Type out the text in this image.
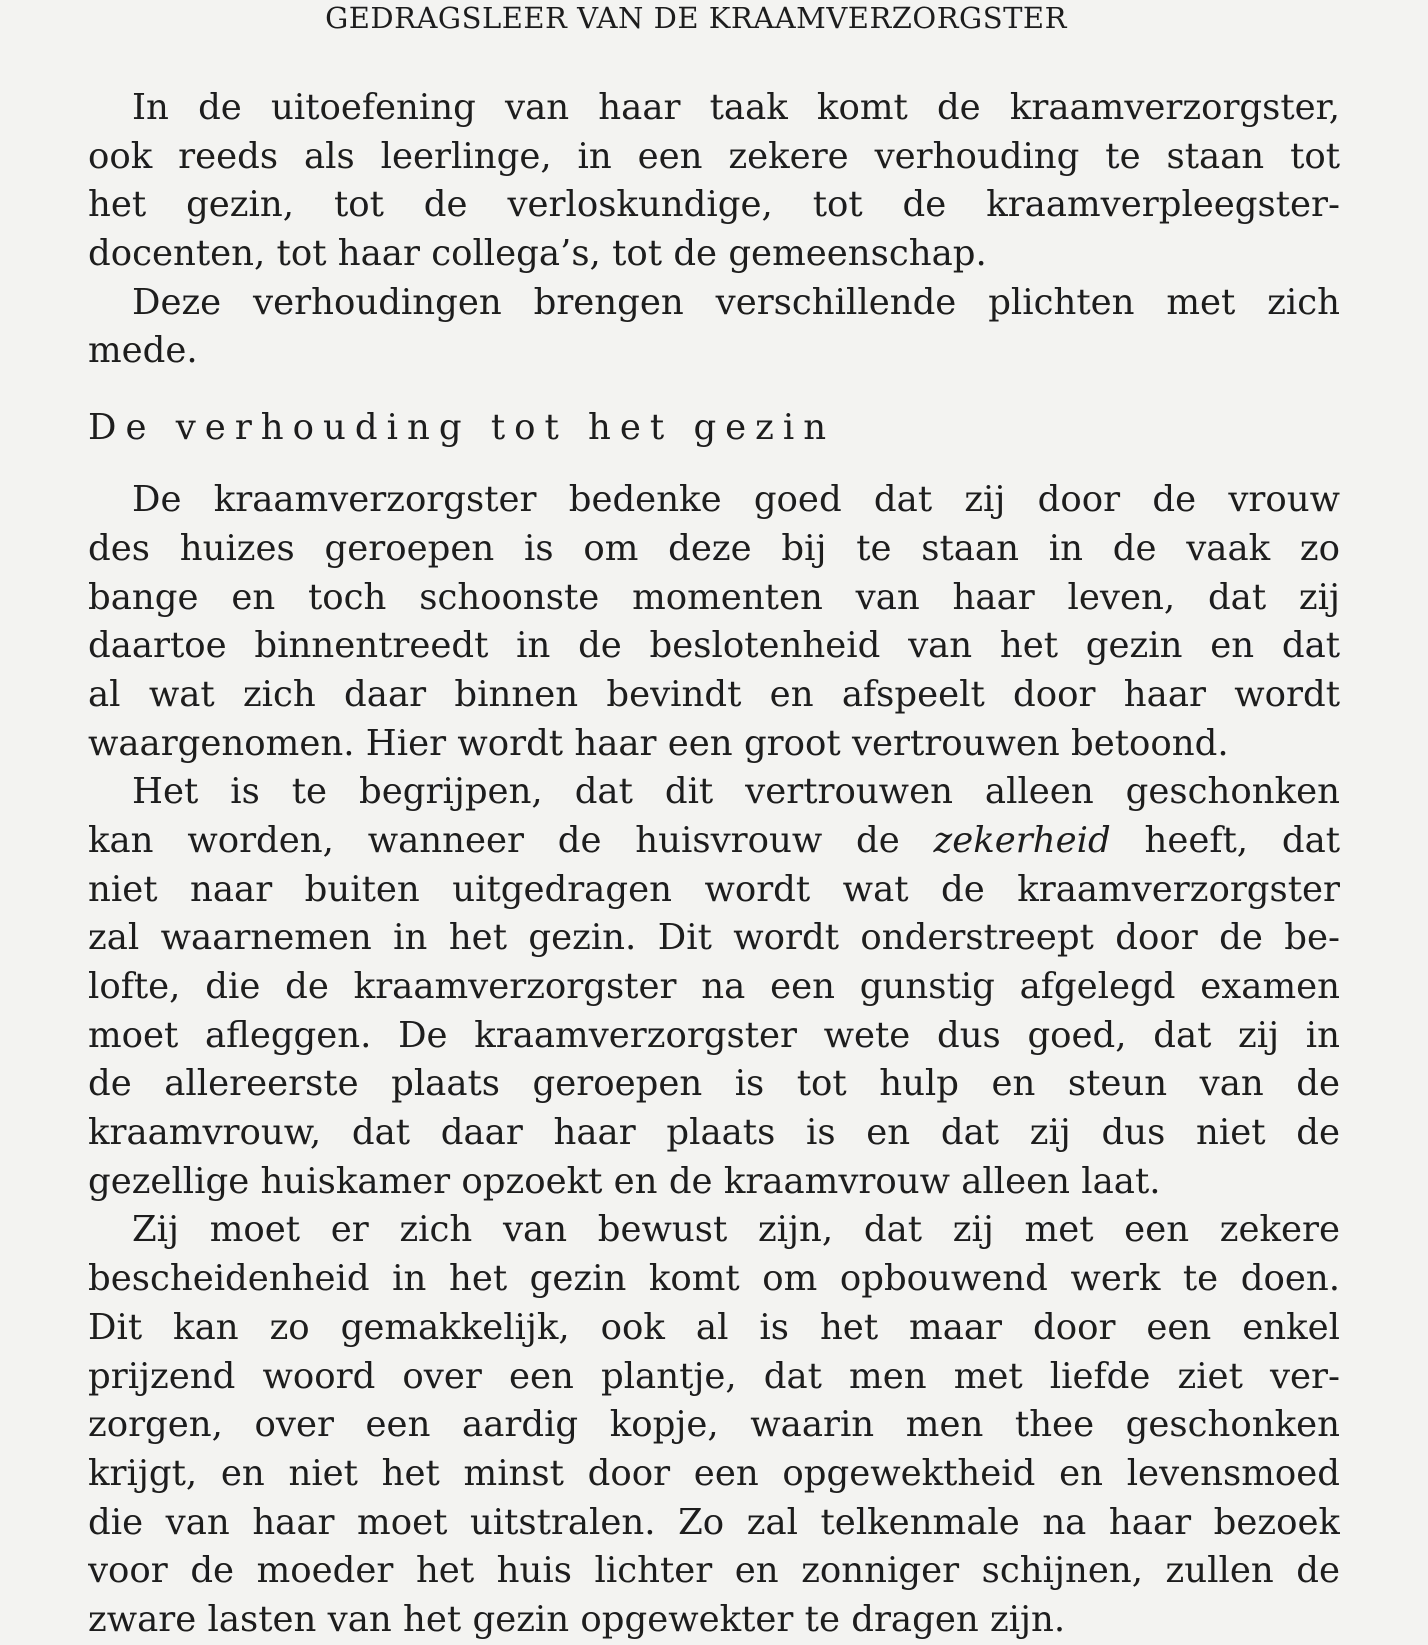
GEDRAGSLEER VAN DE KRAAMVERZORGSTER
In de uitoefening van haar taak komt de kraamverzorgster,
ook reeds als leerlinge, in een zekere verhouding te staan tot
het gezin, tot de verloskundige, tot de kraamverpleegster-
docenten, tot haar collega’s, tot de gemeenschap.
Deze verhoudingen brengen verschillende plichten met zich
mede.
De verhouding tot het gezin
De kraamverzorgster bedenke goed dat zij door de vrouw
des huizes geroepen is om deze bij te staan in de vaak zo
bange en toch schoonste momenten van haar leven, dat zij
daartoe binnentreedt in de beslotenheid van het gezin en dat
al wat zich daar binnen bevindt en afspeelt door haar wordt
waargenomen. Hier wordt haar een groot vertrouwen betoond.
Het is te begrijpen, dat dit vertrouwen alleen geschonken
kan worden, wanneer de huisvrouw de zekerheid heeft, dat
niet naar buiten uitgedragen wordt wat de kraamverzorgster
zal waarnemen in het gezin. Dit wordt onderstreept door de be-
lofte, die de kraamverzorgster na een gunstig afgelegd examen
moet afleggen. De kraamverzorgster wete dus goed, dat zij in
de allereerste plaats geroepen is tot hulp en steun van de
kraamvrouw, dat daar haar plaats is en dat zij dus niet de
gezellige huiskamer opzoekt en de kraamvrouw alleen laat.
Zij moet er zich van bewust zijn, dat zij met een zekere
bescheidenheid in het gezin komt om opbouwend werk te doen.
Dit kan zo gemakkelijk, ook al is het maar door een enkel
prijzend woord over een plantje, dat men met liefde ziet ver-
zorgen, over een aardig kopje, waarin men thee geschonken
krijgt, en niet het minst door een opgewektheid en levensmoed
die van haar moet uitstralen. Zo zal telkenmale na haar bezoek
voor de moeder het huis lichter en zonniger schijnen, zullen de
zware lasten van het gezin opgewekter te dragen zijn.
